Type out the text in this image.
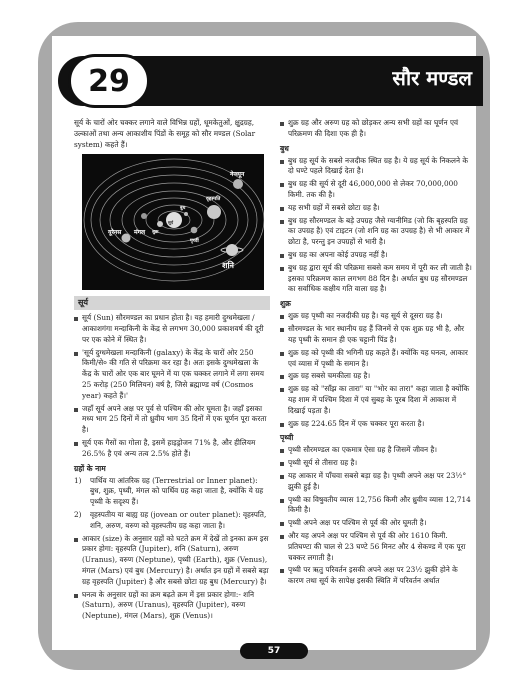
29	सौर मण्डल

सूर्य के चारों ओर चक्कर लगाने वाले विभिन्न ग्रहों, धूमकेतुओं, क्षुद्रग्रह, उल्काओं तथा अन्य आकाशीय पिंडों के समूह को सौर मण्डल (Solar system) कहते हैं।

नेप्च्यून
शनि
वृहस्पति
यूरेनस मंगल
पृथ्वी
बुध
शुक्र
सूर्य
सूर्य
सूर्य (Sun) सौरमण्डल का प्रधान होता है। यह हमारी दुग्धमेखला /आकाशगंगा मन्दाकिनी के केंद्र से लगभग 30,000 प्रकाशवर्ष की दूरी पर एक कोने में स्थित है।
'सूर्य दुग्धमेखला मन्दाकिनी (galaxy) के केंद्र के चारों ओर 250 किमी/से० की गति से परिक्रमा कर रहा है। अतः इसके दुग्धमेखला के केंद्र के चारों ओर एक बार घूमने में या एक चक्कर लगाने में लगा समय 25 करोड़ (250 मिलियन) वर्ष है, जिसे ब्रह्माण्ड वर्ष (Cosmos year) कहते हैं।'
जहाँ सूर्य अपने अक्ष पर पूर्व से पश्चिम की ओर घूमता है। जहाँ इसका मध्य भाग 25 दिनों में तो ध्रुवीय भाग 35 दिनों में एक घूर्णन पूरा करता है।
सूर्य एक गैसों का गोला है, इसमें हाइड्रोजन 71% है, और हीलियम 26.5% है एवं अन्य तत्व 2.5% होते हैं।
ग्रहों के नाम
1) पार्थिव या आंतरिक ग्रह (Terrestrial or Inner planet): बुध, शुक्र, पृथ्वी, मंगल को पार्थिव ग्रह कहा जाता है, क्योंकि ये ग्रह पृथ्वी के सदृश्य हैं।
2) वृहस्पतीय या बाह्य ग्रह (jovean or outer planet): वृहस्पति, शनि, अरुण, वरुण को वृहस्पतीय ग्रह कहा जाता है।
आकार (size) के अनुसार ग्रहों को घटते क्रम में देखें तो इनका क्रम इस प्रकार होगा: वृहस्पति (Jupiter), शनि (Saturn), अरुण (Uranus), वरुण (Neptune), पृथ्वी (Earth), शुक्र (Venus), मंगल (Mars) एवं बुध (Mercury) है। अर्थात इन ग्रहों में सबसे बड़ा ग्रह वृहस्पति (Jupiter) है और सबसे छोटा ग्रह बुध (Mercury) है।
घनत्व के अनुसार ग्रहों का क्रम बढ़ते क्रम में इस प्रकार होगा:- शनि (Saturn), अरुण (Uranus), वृहस्पति (Jupiter), वरुण (Neptune), मंगल (Mars), शुक्र (Venus)।
शुक्र ग्रह और अरुण ग्रह को छोड़कर अन्य सभी ग्रहों का घूर्णन एवं परिक्रमण की दिशा एक ही है।
बुध
बुध ग्रह सूर्य के सबसे नजदीक स्थित ग्रह है। ये ग्रह सूर्य के निकलने के दो घण्टे पहले दिखाई देता है।
बुध ग्रह की सूर्य से दूरी 46,000,000 से लेकर 70,000,000 किमी. तक की है।
यह सभी ग्रहों में सबसे छोटा ग्रह है।
बुध ग्रह सौरमण्डल के बड़े उपग्रह जैसे ग्यानीमिड (जो कि बृहस्पति ग्रह का उपग्रह है) एवं टाइटन (जो शनि ग्रह का उपग्रह है) से भी आकार में छोटा है, परन्तु इन उपग्रहों से भारी है।
बुध ग्रह का अपना कोई उपग्रह नहीं है।
बुध ग्रह द्वारा सूर्य की परिक्रमा सबसे कम समय में पूरी कर ली जाती है। इसका परिक्रमण काल लगभग 88 दिन है। अर्थात बुध ग्रह सौरमण्डल का सर्वाधिक कक्षीय गति वाला ग्रह है।
शुक्र
शुक्र ग्रह पृथ्वी का नजदीकी ग्रह है। यह सूर्य से दूसरा ग्रह है।
सौरमण्डल के भार स्थानीय ग्रह हैं जिनमें से एक शुक्र ग्रह भी है, और यह पृथ्वी के समान ही एक चट्टानी पिंड है।
शुक्र ग्रह को पृथ्वी की भगिनी ग्रह कहते हैं। क्योंकि यह घनत्व, आकार एवं व्यास में पृथ्वी के समान है।
शुक्र ग्रह सबसे चमकीला ग्रह है।
शुक्र ग्रह को "साँझ का तारा" या "भोर का तारा" कहा जाता है क्योंकि यह शाम में पश्चिम दिशा में एवं सुबह के पूरब दिशा में आकाश में दिखाई पड़ता है।
शुक्र ग्रह 224.65 दिन में एक चक्कर पूरा करता है।
पृथ्वी
पृथ्वी सौरमण्डल का एकमात्र ऐसा ग्रह है जिसमें जीवन है।
पृथ्वी सूर्य से तीसरा ग्रह है।
यह आकार में पाँचवा सबसे बड़ा ग्रह है। पृथ्वी अपने अक्ष पर 23½° झुकी हुई है।
पृथ्वी का विषुवतीय व्यास 12,756 किमी और ध्रुवीय व्यास 12,714 किमी है।
पृथ्वी अपने अक्ष पर पश्चिम से पूर्व की ओर घूमती है।
और यह अपने अक्ष पर पश्चिम से पूर्व की ओर 1610 किमी. प्रतिघण्टा की चाल से 23 घण्टे 56 मिनट और 4 सेकण्ड में एक पूरा चक्कर लगाती है।
पृथ्वी पर ऋतु परिवर्तन इसकी अपने अक्ष पर 23½ झुकी होने के कारण तथा सूर्य के सापेक्ष इसकी स्थिति में परिवर्तन अर्थात
57
